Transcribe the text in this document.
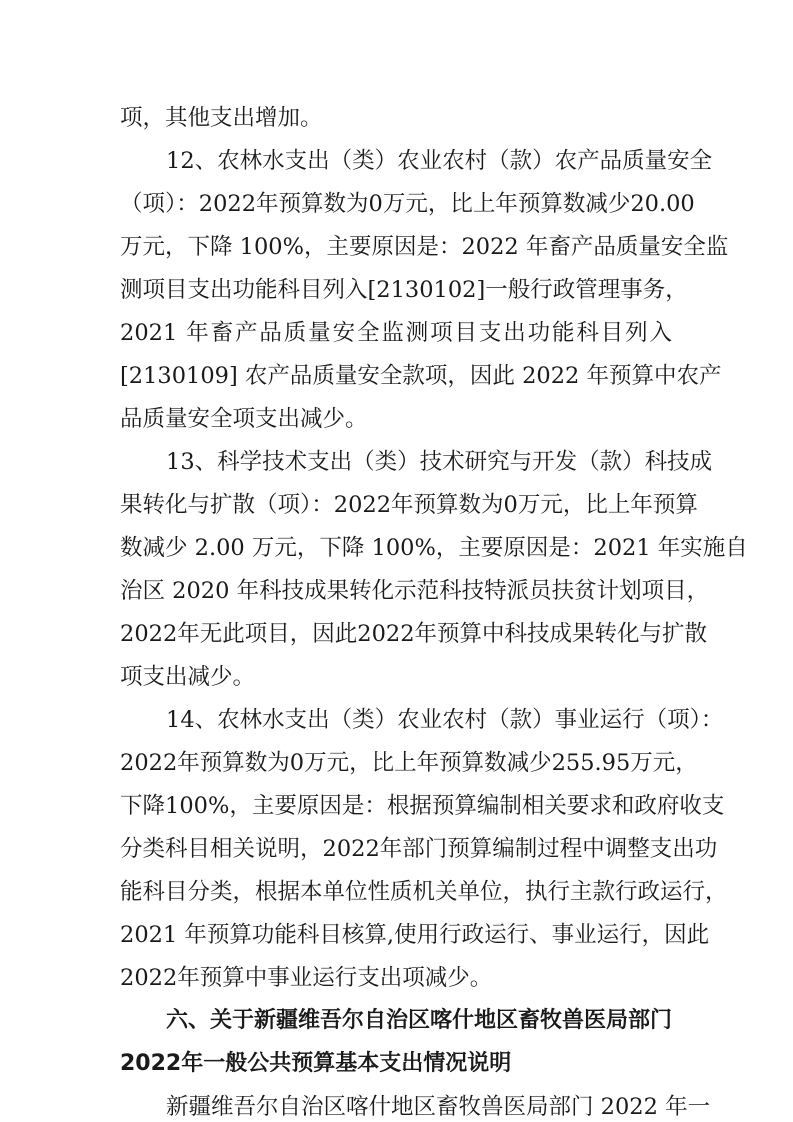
项，其他支出增加。
12、农林水支出（类）农业农村（款）农产品质量安全
（项）：2022年预算数为0万元，比上年预算数减少20.00
万元，下降 100%，主要原因是：2022 年畜产品质量安全监
测项目支出功能科目列入[2130102]一般行政管理事务，
2021 年畜产品质量安全监测项目支出功能科目列入
[2130109] 农产品质量安全款项，因此 2022 年预算中农产
品质量安全项支出减少。
13、科学技术支出（类）技术研究与开发（款）科技成
果转化与扩散（项）：2022年预算数为0万元，比上年预算
数减少 2.00 万元，下降 100%，主要原因是：2021 年实施自
治区 2020 年科技成果转化示范科技特派员扶贫计划项目，
2022年无此项目，因此2022年预算中科技成果转化与扩散
项支出减少。
14、农林水支出（类）农业农村（款）事业运行（项）：
2022年预算数为0万元，比上年预算数减少255.95万元，
下降100%，主要原因是：根据预算编制相关要求和政府收支
分类科目相关说明，2022年部门预算编制过程中调整支出功
能科目分类，根据本单位性质机关单位，执行主款行政运行，
2021 年预算功能科目核算,使用行政运行、事业运行，因此
2022年预算中事业运行支出项减少。
六、关于新疆维吾尔自治区喀什地区畜牧兽医局部门
2022年一般公共预算基本支出情况说明
新疆维吾尔自治区喀什地区畜牧兽医局部门 2022 年一
